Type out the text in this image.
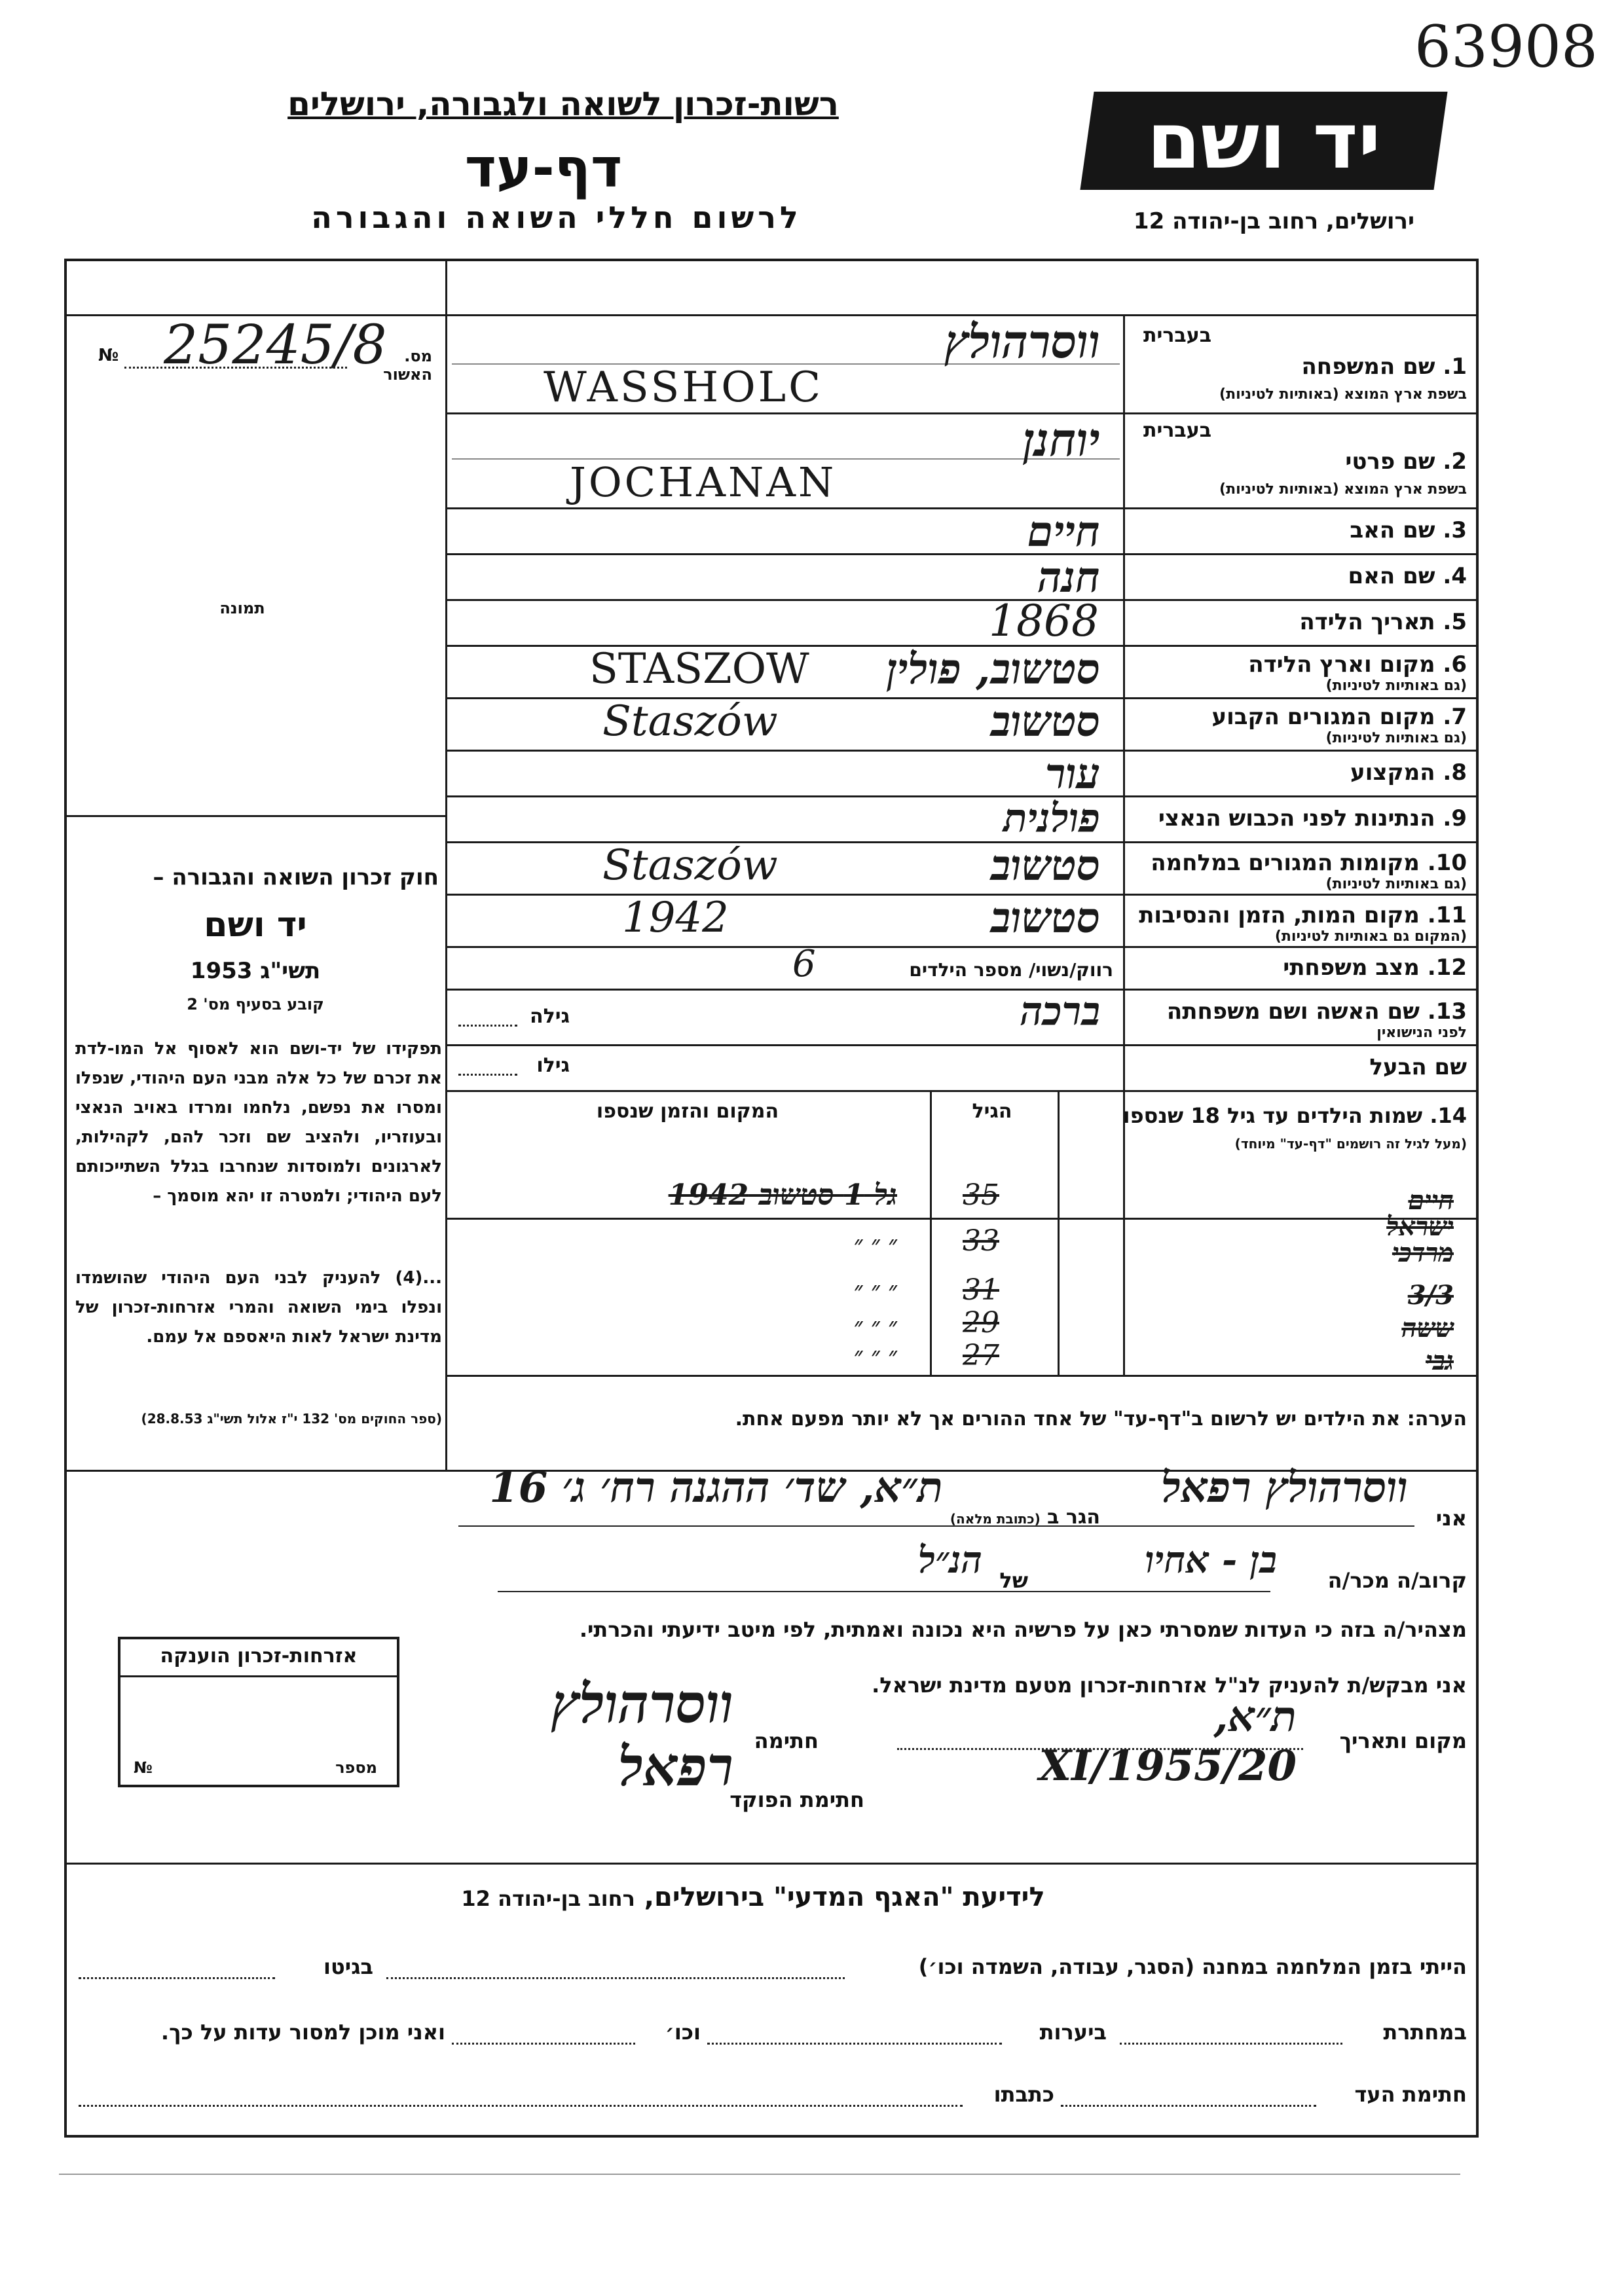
63908
יד ושם
ירושלים, רחוב בן-יהודה 12
רשות-זכרון לשואה ולגבורה, ירושלים
דף-עד
לרשום חללי השואה והגבורה
מס. האשור
№ 25245/8
תמונה
חוק זכרון השואה והגבורה –
יד ושם
תשי"ג 1953
קובע בסעיף מס' 2
תפקידו של יד-ושם הוא לאסוף אל המו-לדת את זכרם של כל אלה מבני העם היהודי, שנפלו ומסרו את נפשם, נלחמו ומרדו באויב הנאצי ובעוזריו, ולהציב שם וזכר להם, לקהילות, לארגונים ולמוסדות שנחרבו בגלל השתייכותם לעם היהודי; ולמטרה זו יהא מוסמך –
...(4) להעניק לבני העם היהודי שהושמדו ונפלו בימי השואה והמרי אזרחות-זכרון של מדינת ישראל לאות היאספם אל עמם.
(ספר החוקים מס' 132 י"ז אלול תשי"ג 28.8.53)
בעברית
1. שם המשפחה
בשפת ארץ המוצא (באותיות לטיניות)
ווסרהולץ
WASSHOLC
בעברית
2. שם פרטי
בשפת ארץ המוצא (באותיות לטיניות)
יוחנן
JOCHANAN
3. שם האב
חיים
4. שם האם
חנה
5. תאריך הלידה
1868
6. מקום וארץ הלידה
(גם באותיות לטיניות)
סטשוב, פולין
STASZOW
7. מקום המגורים הקבוע
(גם באותיות לטיניות)
סטשוב
Staszów
8. המקצוע
עור
9. הנתינות לפני הכבוש הנאצי
פולנית
10. מקומות המגורים במלחמה
(גם באותיות לטיניות)
סטשוב
Staszów
11. מקום המות, הזמן והנסיבות
(המקום גם באותיות לטיניות)
סטשוב
1942
12. מצב משפחתי
רווק/נשוי/ מספר הילדים
6
13. שם האשה ושם משפחתה
לפני הנישואין
ברכה
גילה
שם הבעל
גילו
14. שמות הילדים עד גיל 18 שנספו
(מעל לגיל זה רושמים "דף-עד" מיוחד)
הגיל
המקום והזמן שנספו
חיים
35
גל 1 סטשוב 1942
ישראל
מרדכי
33
״ ״ ״
3/3
31
״ ״ ״
ששה
29
״ ״ ״
גבי
27
״ ״ ״
הערה: את הילדים יש לרשום ב"דף-עד" של אחד ההורים אך לא יותר מפעם אחת.
אני
ווסרהולץ רפאל
הגר ב (כתובת מלאה)
ת״א, שד׳ ההגנה רח׳ ג׳ 16
קרוב/ה מכר/ה
בן - אחיו
של
הנ״ל
מצהיר/ה בזה כי העדות שמסרתי כאן על פרשיה היא נכונה ואמתית, לפי מיטב ידיעתי והכרתי.
אני מבקש/ת להעניק לנ"ל אזרחות-זכרון מטעם מדינת ישראל.
מקום ותאריך
ת״א, 20/XI/1955
חתימה
ווסרהולץ רפאל
חתימת הפוקד
אזרחות-זכרון הוענקה
מספר
№
לידיעת "האגף המדעי" בירושלים, רחוב בן-יהודה 12
הייתי בזמן המלחמה במחנה (הסגר, עבודה, השמדה וכו׳)
בגיטו
במחתרת
ביערות
וכו׳
ואני מוכן למסור עדות על כך.
חתימת העד
כתבתו
